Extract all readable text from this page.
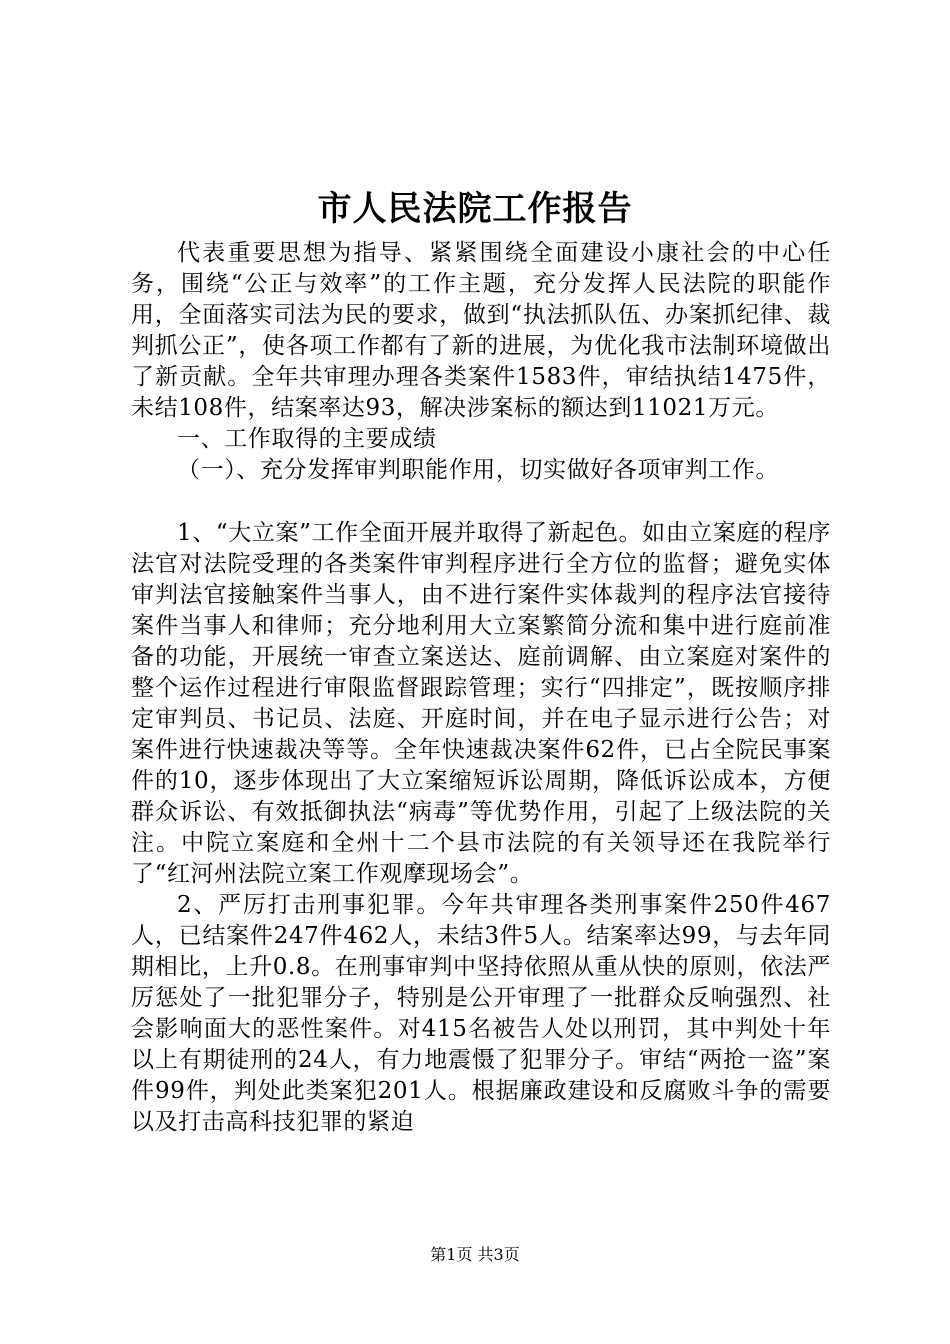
市人民法院工作报告

代表重要思想为指导、紧紧围绕全面建设小康社会的中心任务，围绕“公正与效率”的工作主题，充分发挥人民法院的职能作用，全面落实司法为民的要求，做到“执法抓队伍、办案抓纪律、裁判抓公正”，使各项工作都有了新的进展，为优化我市法制环境做出了新贡献。全年共审理办理各类案件1583件，审结执结1475件，未结108件，结案率达93，解决涉案标的额达到11021万元。

一、工作取得的主要成绩

（一）、充分发挥审判职能作用，切实做好各项审判工作。

1、“大立案”工作全面开展并取得了新起色。如由立案庭的程序法官对法院受理的各类案件审判程序进行全方位的监督；避免实体审判法官接触案件当事人，由不进行案件实体裁判的程序法官接待案件当事人和律师；充分地利用大立案繁简分流和集中进行庭前准备的功能，开展统一审查立案送达、庭前调解、由立案庭对案件的整个运作过程进行审限监督跟踪管理；实行“四排定”，既按顺序排定审判员、书记员、法庭、开庭时间，并在电子显示进行公告；对案件进行快速裁决等等。全年快速裁决案件62件，已占全院民事案件的10，逐步体现出了大立案缩短诉讼周期，降低诉讼成本，方便群众诉讼、有效抵御执法“病毒”等优势作用，引起了上级法院的关注。中院立案庭和全州十二个县市法院的有关领导还在我院举行了“红河州法院立案工作观摩现场会”。

2、严厉打击刑事犯罪。今年共审理各类刑事案件250件467人，已结案件247件462人，未结3件5人。结案率达99，与去年同期相比，上升0.8。在刑事审判中坚持依照从重从快的原则，依法严厉惩处了一批犯罪分子，特别是公开审理了一批群众反响强烈、社会影响面大的恶性案件。对415名被告人处以刑罚，其中判处十年以上有期徒刑的24人，有力地震慑了犯罪分子。审结“两抢一盗”案件99件，判处此类案犯201人。根据廉政建设和反腐败斗争的需要以及打击高科技犯罪的紧迫

第1页 共3页
